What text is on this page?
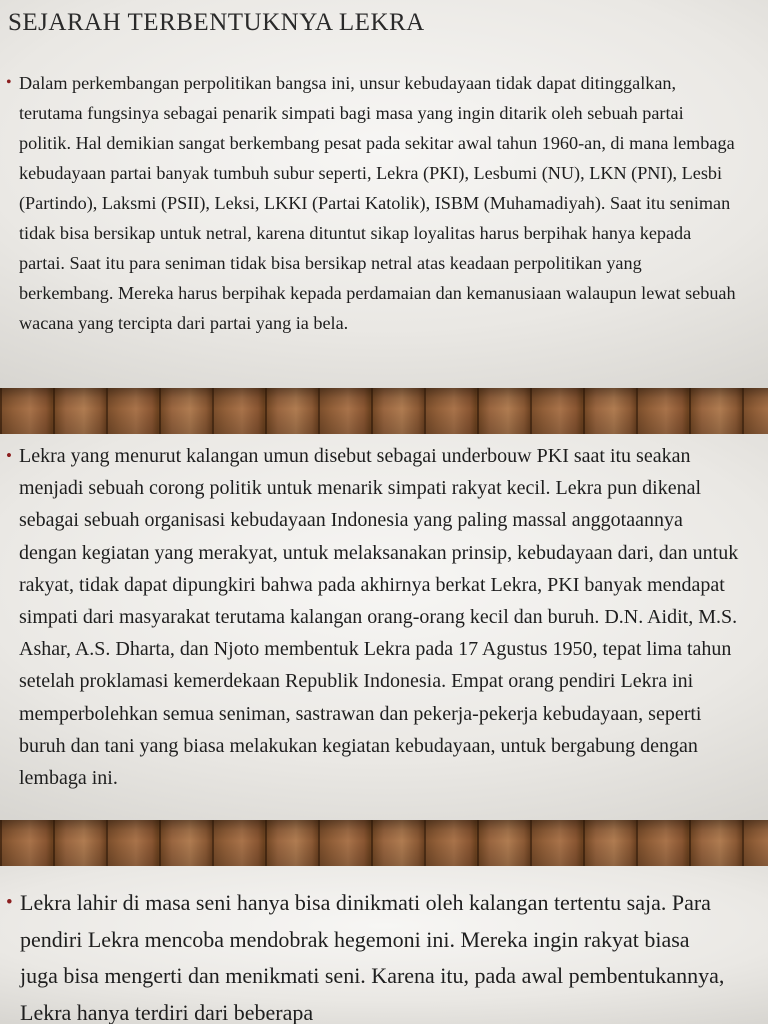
SEJARAH TERBENTUKNYA LEKRA
• Dalam perkembangan perpolitikan bangsa ini, unsur kebudayaan tidak dapat ditinggalkan, terutama fungsinya sebagai penarik simpati bagi masa yang ingin ditarik oleh sebuah partai politik. Hal demikian sangat berkembang pesat pada sekitar awal tahun 1960-an, di mana lembaga kebudayaan partai banyak tumbuh subur seperti, Lekra (PKI), Lesbumi (NU), LKN (PNI), Lesbi (Partindo), Laksmi (PSII), Leksi, LKKI (Partai Katolik), ISBM (Muhamadiyah). Saat itu seniman tidak bisa bersikap untuk netral, karena dituntut sikap loyalitas harus berpihak hanya kepada partai. Saat itu para seniman tidak bisa bersikap netral atas keadaan perpolitikan yang berkembang. Mereka harus berpihak kepada perdamaian dan kemanusiaan walaupun lewat sebuah wacana yang tercipta dari partai yang ia bela.

• Lekra yang menurut kalangan umun disebut sebagai underbouw PKI saat itu seakan menjadi sebuah corong politik untuk menarik simpati rakyat kecil. Lekra pun dikenal sebagai sebuah organisasi kebudayaan Indonesia yang paling massal anggotaannya dengan kegiatan yang merakyat, untuk melaksanakan prinsip, kebudayaan dari, dan untuk rakyat, tidak dapat dipungkiri bahwa pada akhirnya berkat Lekra, PKI banyak mendapat simpati dari masyarakat terutama kalangan orang-orang kecil dan buruh. D.N. Aidit, M.S. Ashar, A.S. Dharta, dan Njoto membentuk Lekra pada 17 Agustus 1950, tepat lima tahun setelah proklamasi kemerdekaan Republik Indonesia. Empat orang pendiri Lekra ini memperbolehkan semua seniman, sastrawan dan pekerja-pekerja kebudayaan, seperti buruh dan tani yang biasa melakukan kegiatan kebudayaan, untuk bergabung dengan lembaga ini.

• Lekra lahir di masa seni hanya bisa dinikmati oleh kalangan tertentu saja. Para pendiri Lekra mencoba mendobrak hegemoni ini. Mereka ingin rakyat biasa juga bisa mengerti dan menikmati seni. Karena itu, pada awal pembentukannya, Lekra hanya terdiri dari beberapa
